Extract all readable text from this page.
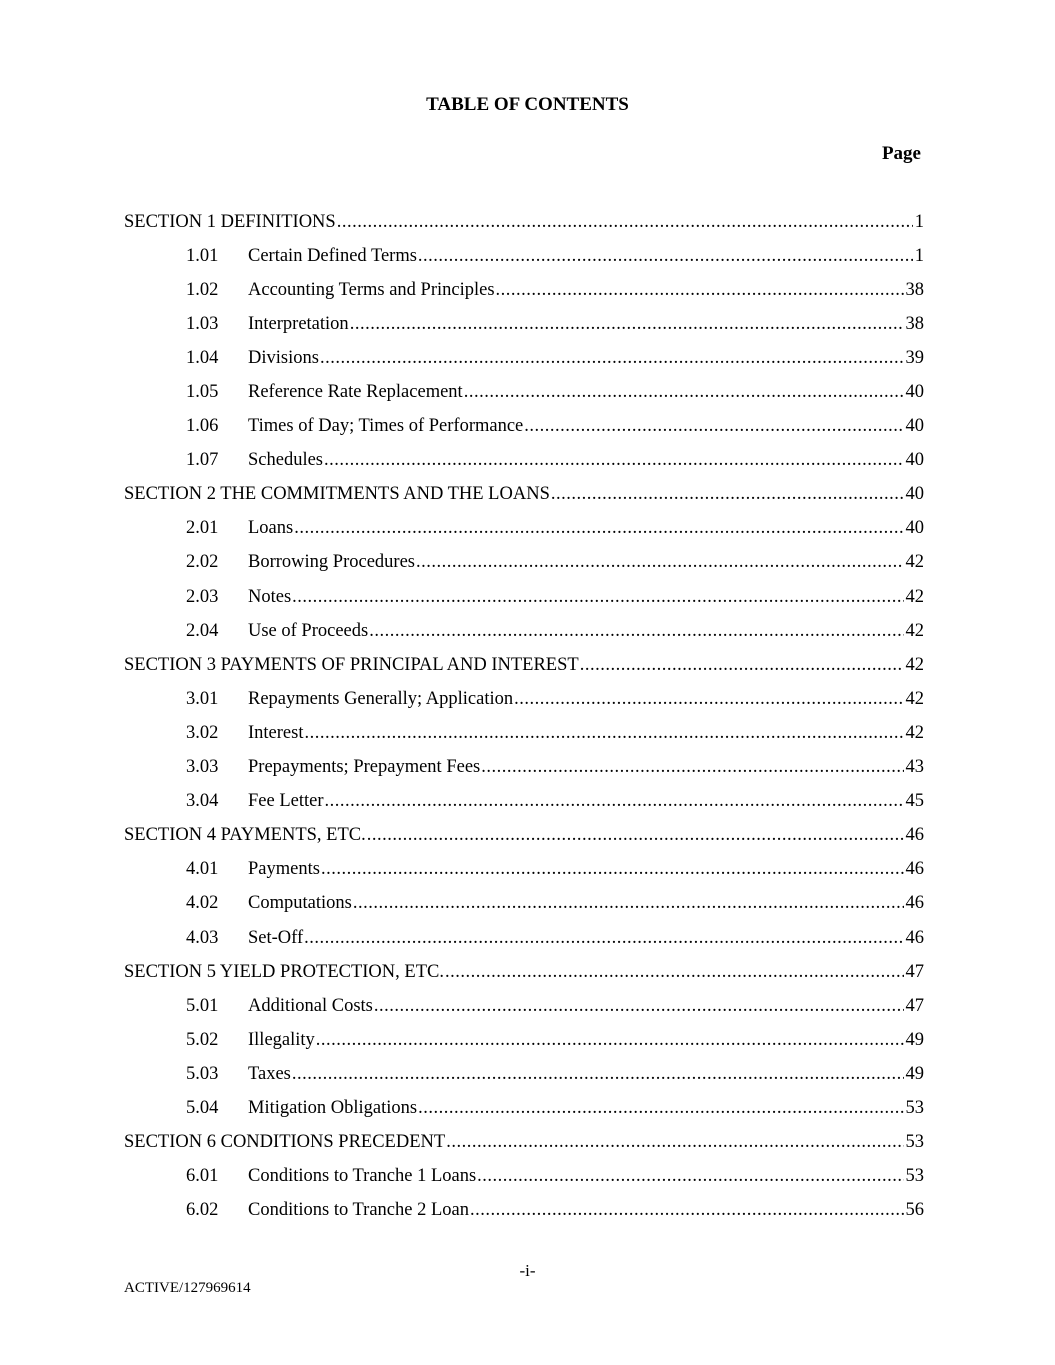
TABLE OF CONTENTS
Page
SECTION 1 DEFINITIONS .....	1
1.01	Certain Defined Terms .....	1
1.02	Accounting Terms and Principles .....	38
1.03	Interpretation .....	38
1.04	Divisions .....	39
1.05	Reference Rate Replacement .....	40
1.06	Times of Day; Times of Performance .....	40
1.07	Schedules .....	40
SECTION 2 THE COMMITMENTS AND THE LOANS .....	40
2.01	Loans .....	40
2.02	Borrowing Procedures .....	42
2.03	Notes .....	42
2.04	Use of Proceeds .....	42
SECTION 3 PAYMENTS OF PRINCIPAL AND INTEREST .....	42
3.01	Repayments Generally; Application .....	42
3.02	Interest .....	42
3.03	Prepayments; Prepayment Fees .....	43
3.04	Fee Letter .....	45
SECTION 4 PAYMENTS, ETC. .....	46
4.01	Payments .....	46
4.02	Computations .....	46
4.03	Set-Off .....	46
SECTION 5 YIELD PROTECTION, ETC. .....	47
5.01	Additional Costs .....	47
5.02	Illegality .....	49
5.03	Taxes .....	49
5.04	Mitigation Obligations .....	53
SECTION 6 CONDITIONS PRECEDENT .....	53
6.01	Conditions to Tranche 1 Loans .....	53
6.02	Conditions to Tranche 2 Loan .....	56
-i-
ACTIVE/127969614
